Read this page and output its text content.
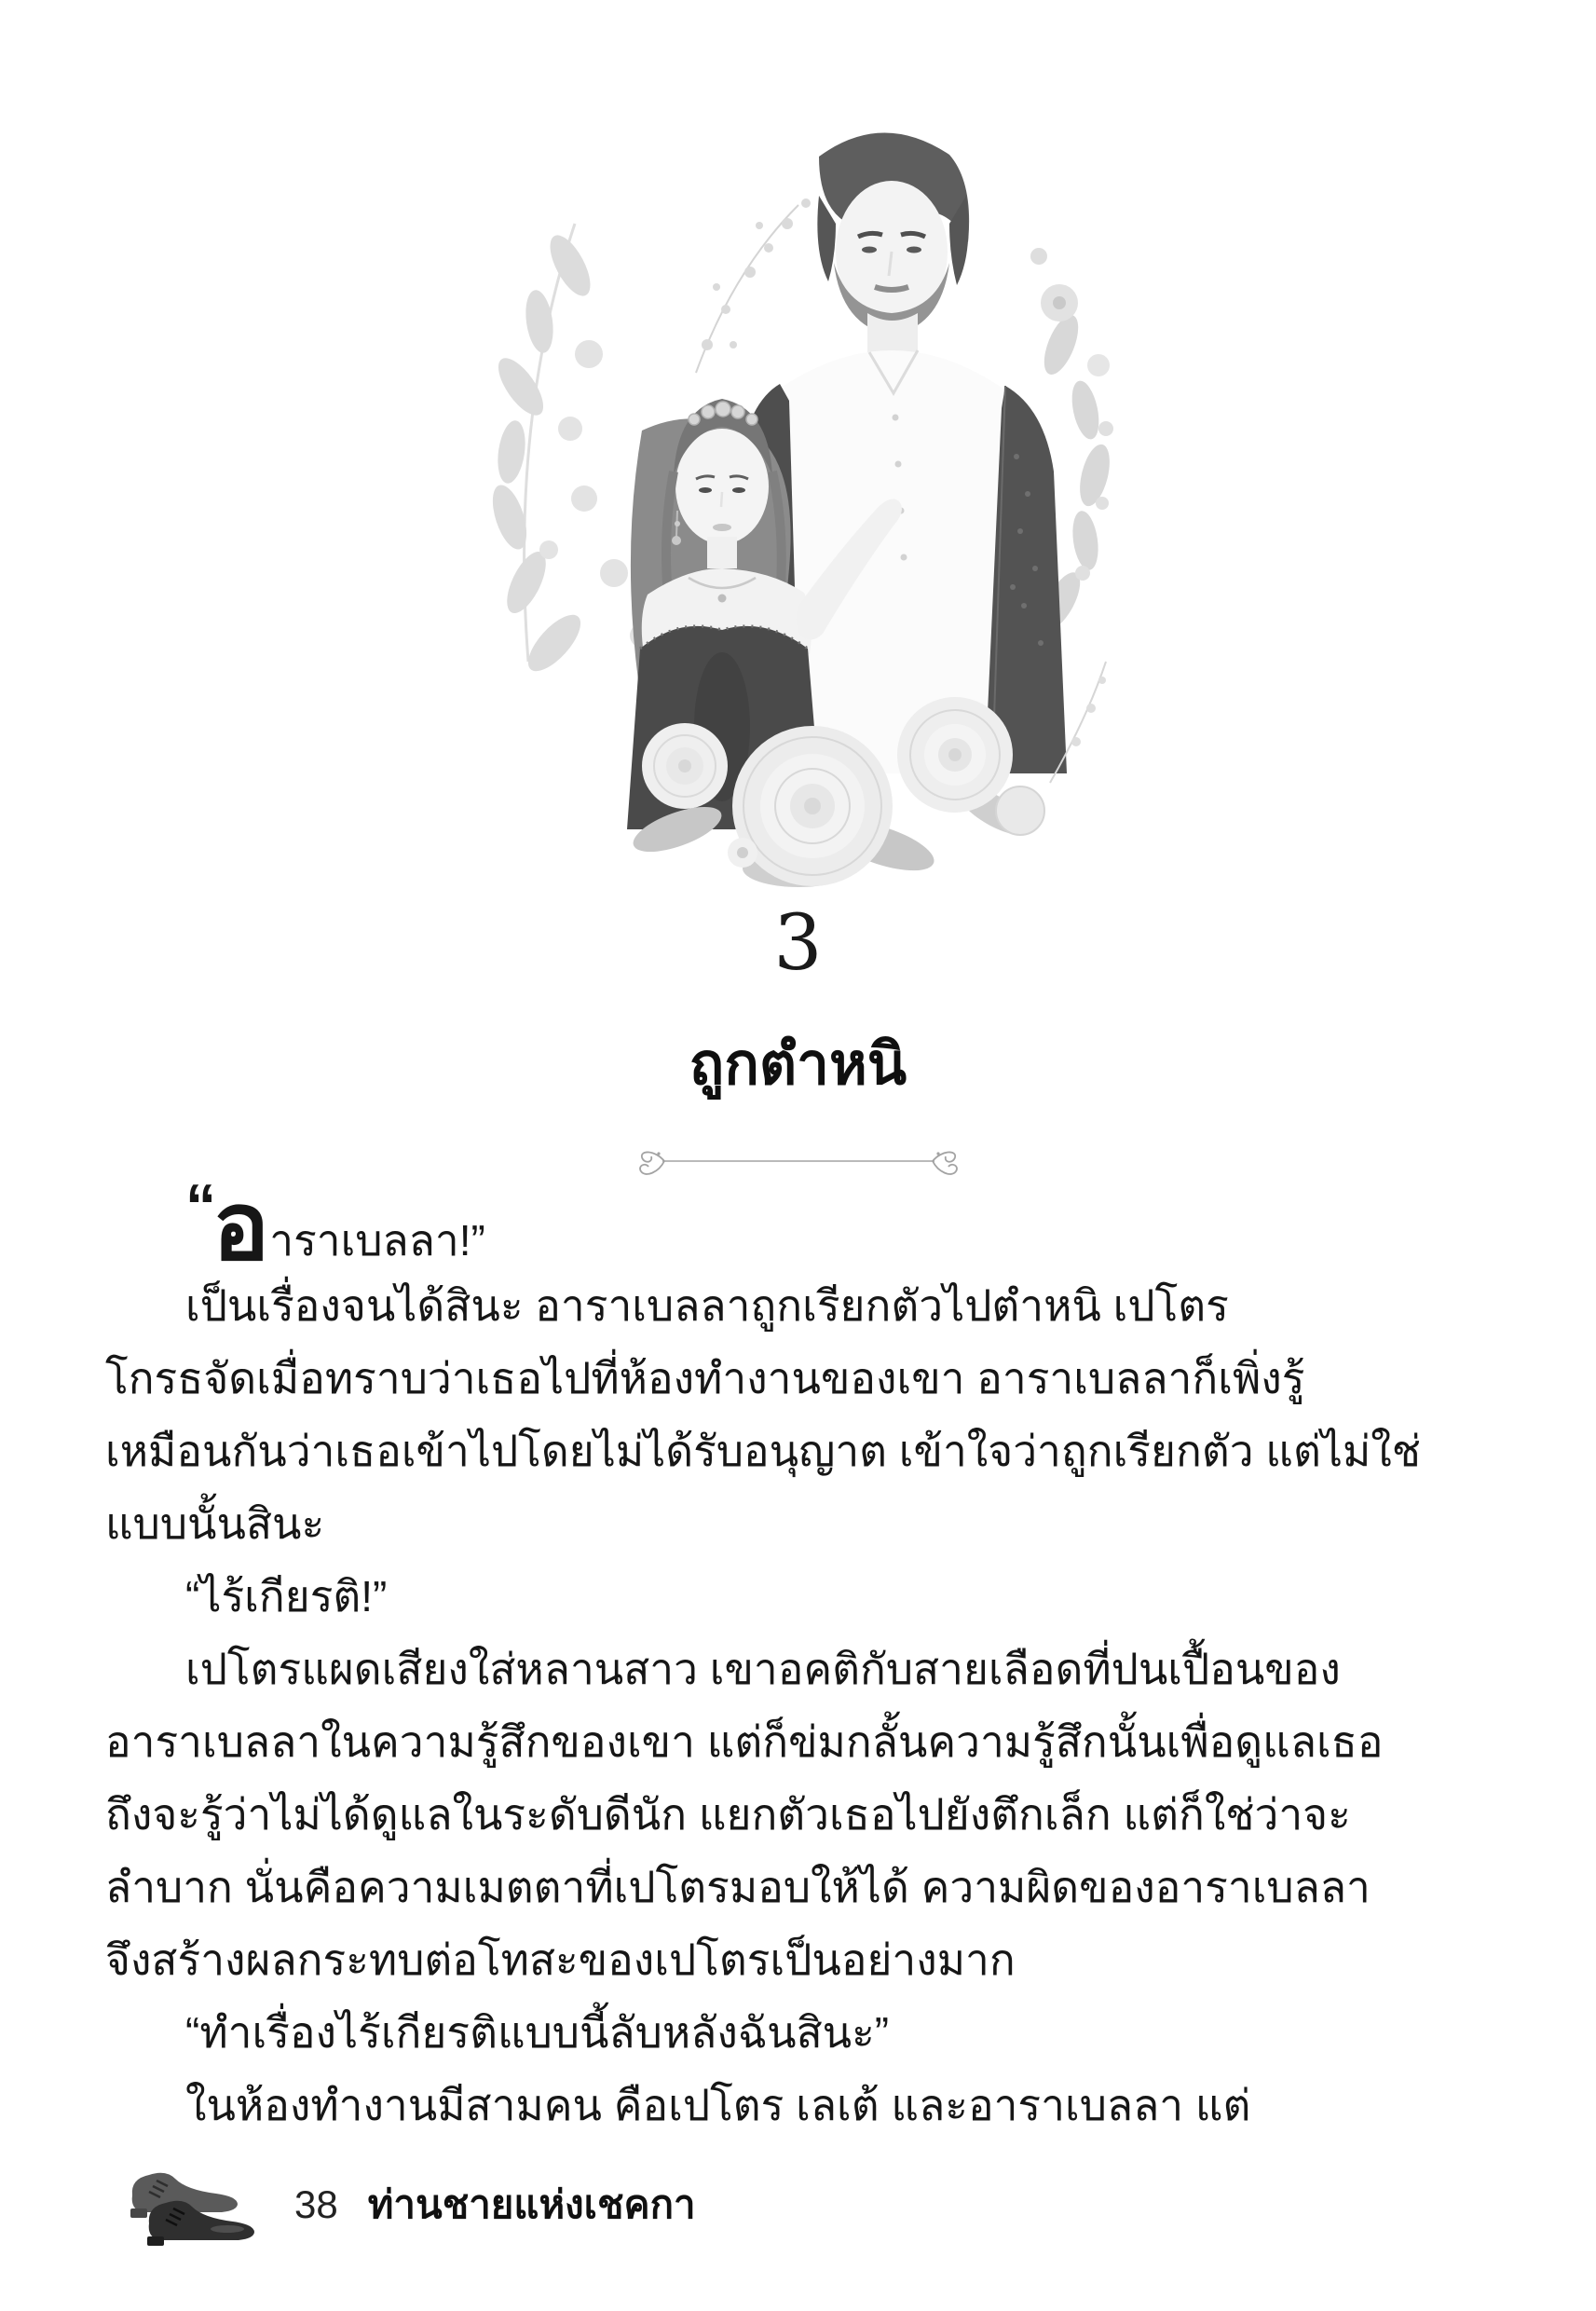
3
ถูกตำหนิ
“อาราเบลลา!”
เป็นเรื่องจนได้สินะ อาราเบลลาถูกเรียกตัวไปตำหนิ เปโตร
โกรธจัดเมื่อทราบว่าเธอไปที่ห้องทำงานของเขา อาราเบลลาก็เพิ่งรู้
เหมือนกันว่าเธอเข้าไปโดยไม่ได้รับอนุญาต เข้าใจว่าถูกเรียกตัว แต่ไม่ใช่
แบบนั้นสินะ
“ไร้เกียรติ!”
เปโตรแผดเสียงใส่หลานสาว เขาอคติกับสายเลือดที่ปนเปื้อนของ
อาราเบลลาในความรู้สึกของเขา แต่ก็ข่มกลั้นความรู้สึกนั้นเพื่อดูแลเธอ
ถึงจะรู้ว่าไม่ได้ดูแลในระดับดีนัก แยกตัวเธอไปยังตึกเล็ก แต่ก็ใช่ว่าจะ
ลำบาก นั่นคือความเมตตาที่เปโตรมอบให้ได้ ความผิดของอาราเบลลา
จึงสร้างผลกระทบต่อโทสะของเปโตรเป็นอย่างมาก
“ทำเรื่องไร้เกียรติแบบนี้ลับหลังฉันสินะ”
ในห้องทำงานมีสามคน คือเปโตร เลเต้ และอาราเบลลา แต่
38 ท่านชายแห่งเชคกา
